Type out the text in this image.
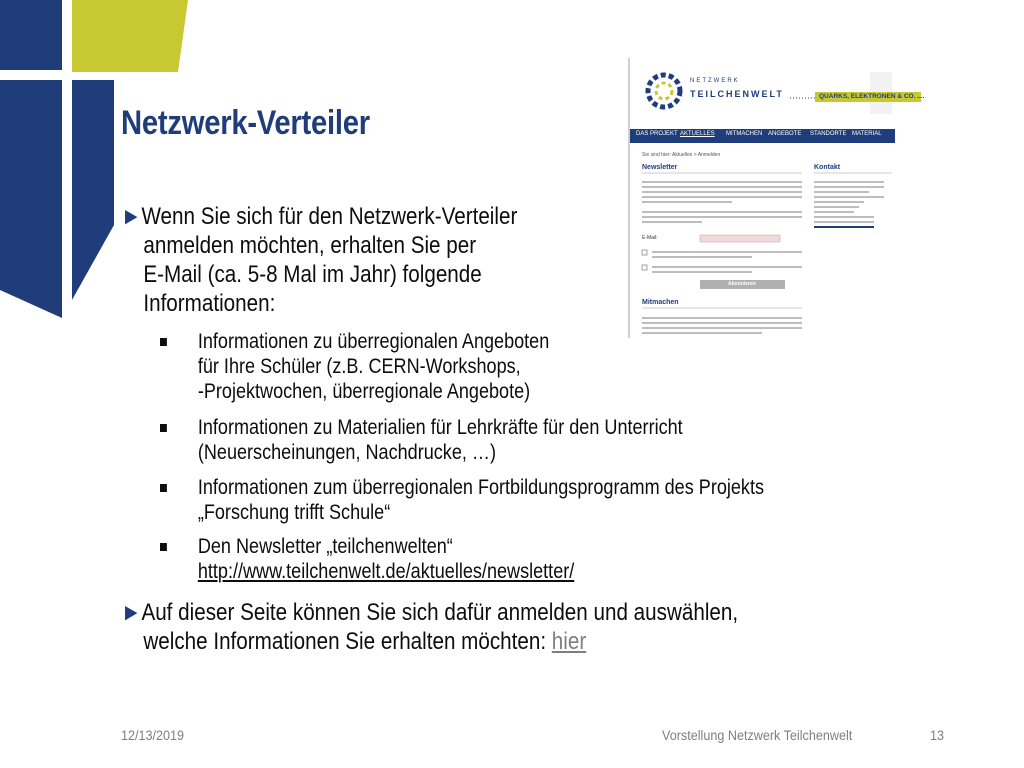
Netzwerk-Verteiler
►Wenn Sie sich für den Netzwerk-Verteiler
anmelden möchten, erhalten Sie per
E-Mail (ca. 5-8 Mal im Jahr) folgende
Informationen:
Informationen zu überregionalen Angeboten
für Ihre Schüler (z.B. CERN-Workshops,
-Projektwochen, überregionale Angebote)
Informationen zu Materialien für Lehrkräfte für den Unterricht
(Neuerscheinungen, Nachdrucke, …)
Informationen zum überregionalen Fortbildungsprogramm des Projekts
„Forschung trifft Schule“
Den Newsletter „teilchenwelten“
http://www.teilchenwelt.de/aktuelles/newsletter/
►Auf dieser Seite können Sie sich dafür anmelden und auswählen,
welche Informationen Sie erhalten möchten: hier
NETZWERK
TEILCHENWELT	QUARKS, ELEKTRONEN & CO. ....
DAS PROJEKT AKTUELLES MITMACHEN ANGEBOTE STANDORTE MATERIAL
Sie sind hier: Aktuelles > Anmelden
Newsletter	Kontakt
E-Mail:
Abonnieren
Mitmachen
12/13/2019	Vorstellung Netzwerk Teilchenwelt	13
